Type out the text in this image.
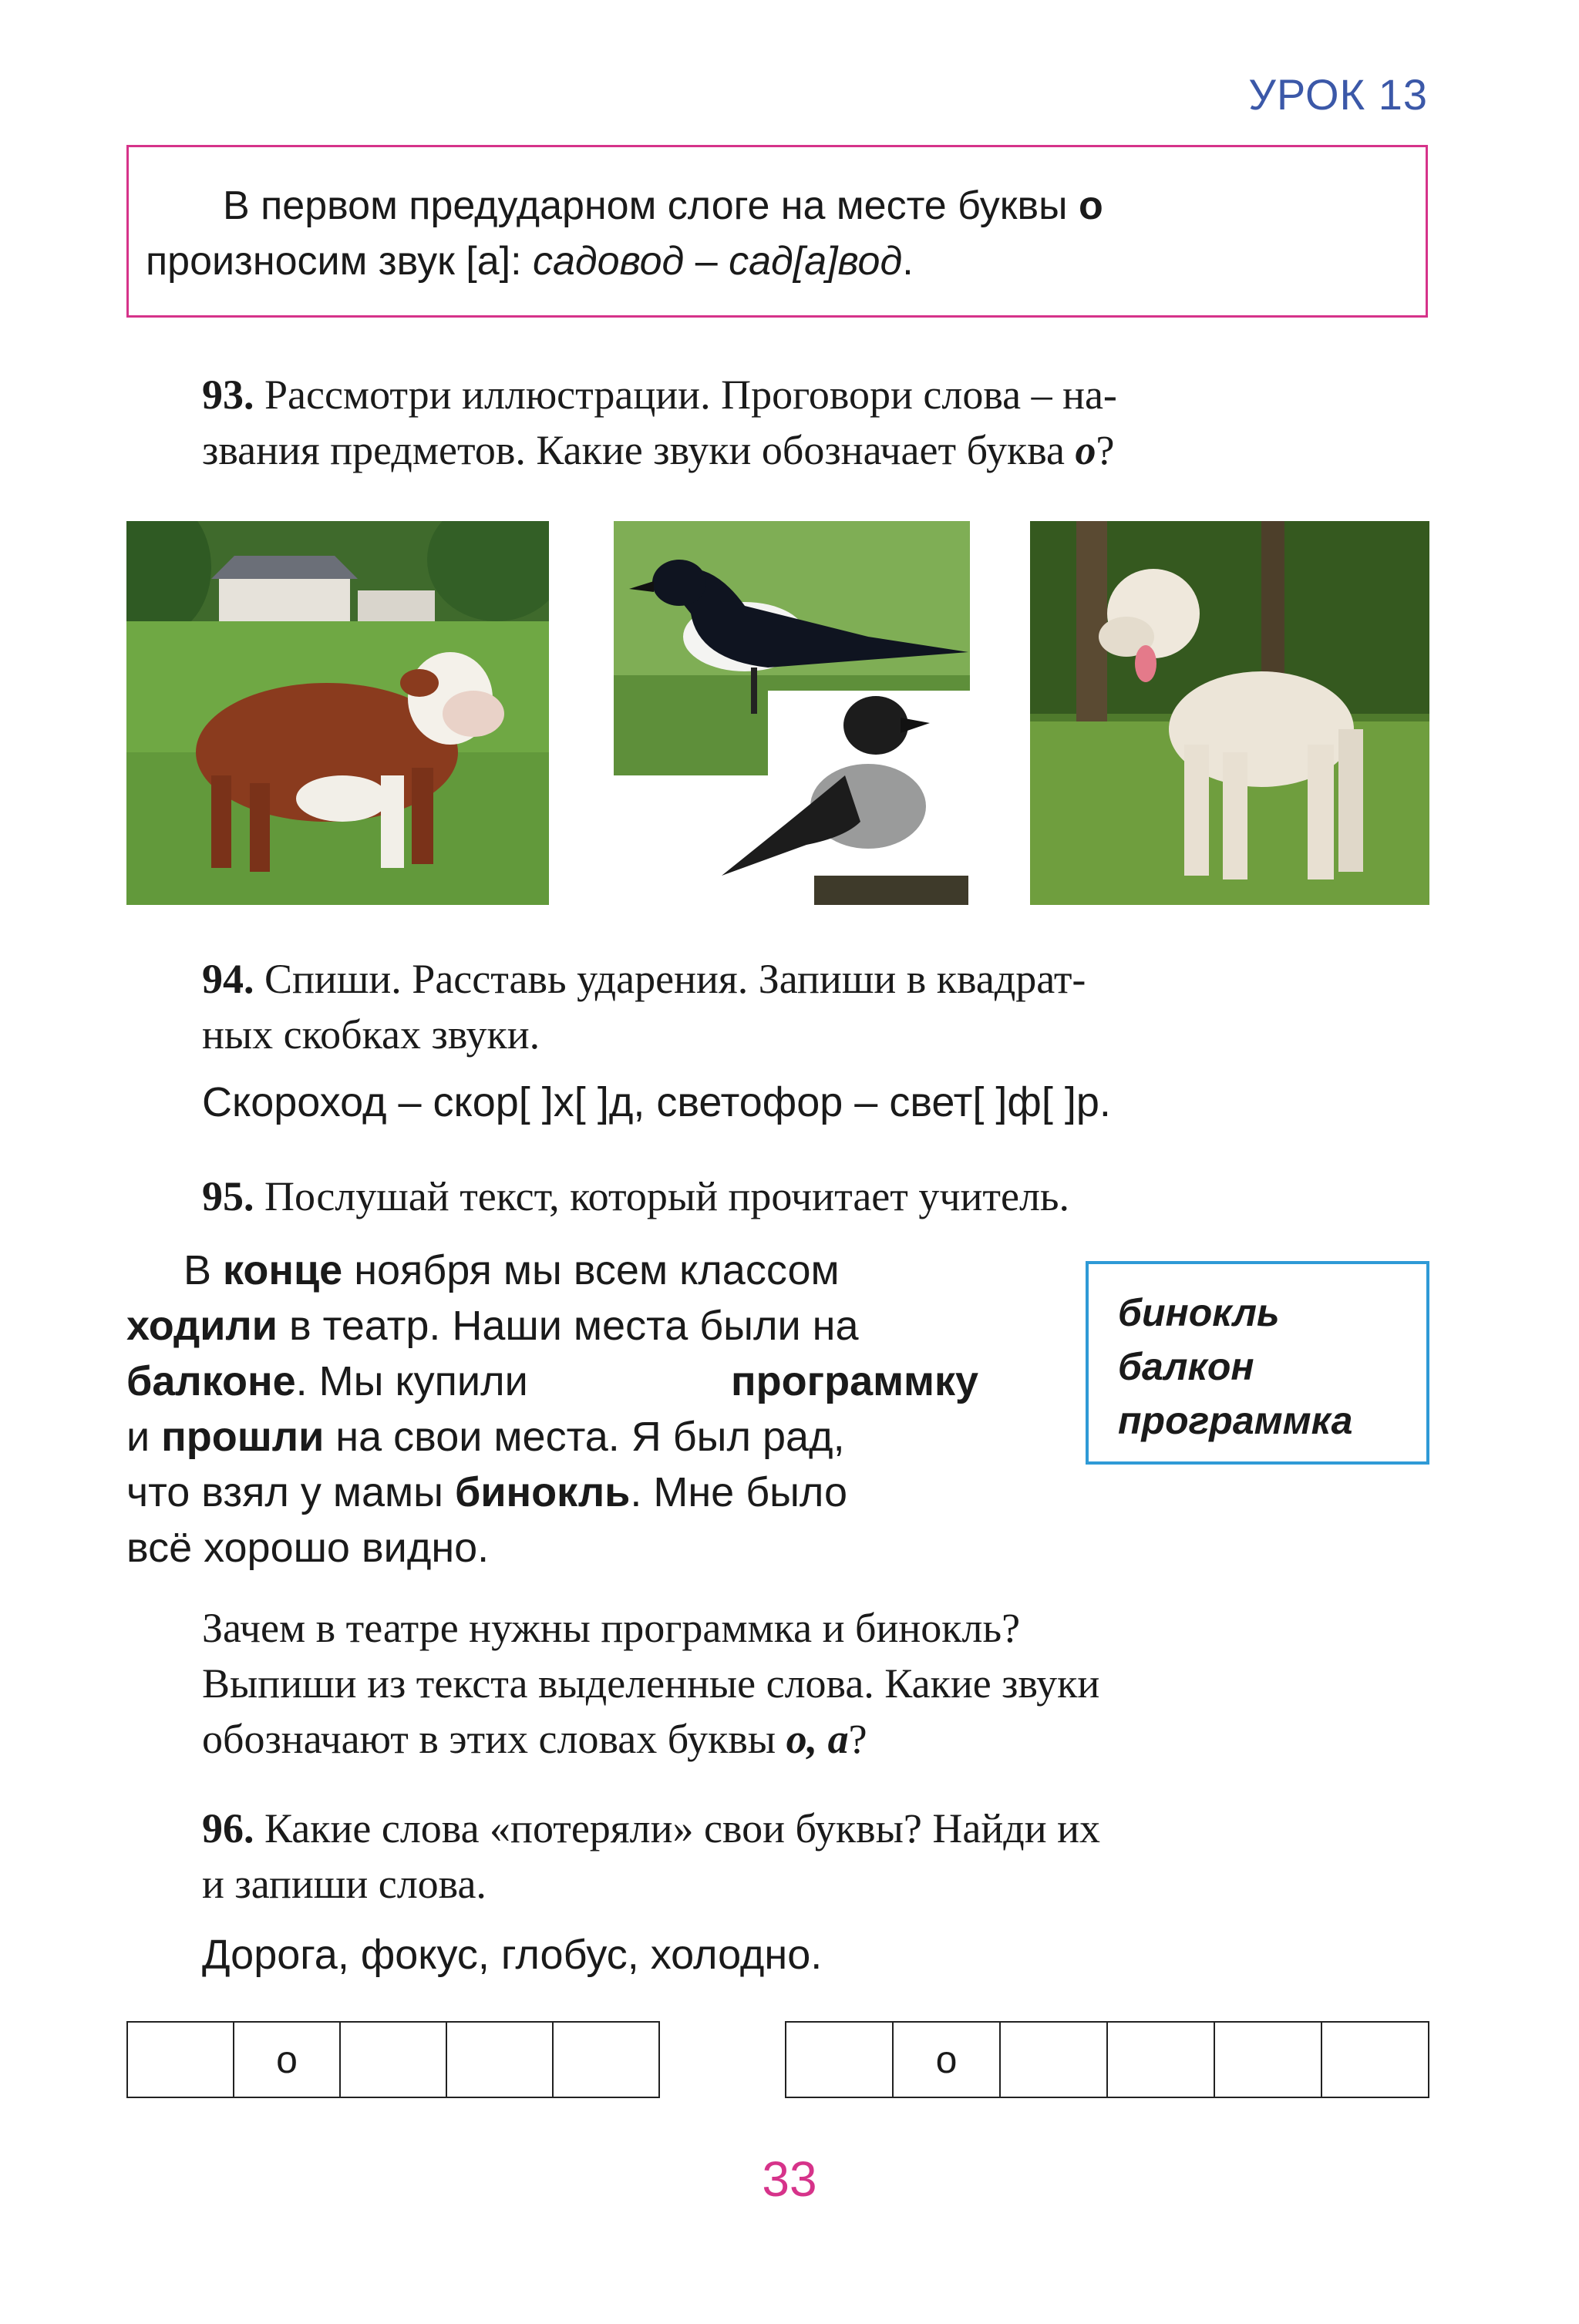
УРОК 13
В первом предударном слоге на месте буквы о
произносим звук [а]: садовод – сад[а]вод.
93. Рассмотри иллюстрации. Проговори слова – на-
звания предметов. Какие звуки обозначает буква о?
94. Спиши. Расставь ударения. Запиши в квадрат-
ных скобках звуки.
Скороход – скор[ ]х[ ]д, светофор – свет[ ]ф[ ]р.
95. Послушай текст, который прочитает учитель.
В конце ноября мы всем классом
ходили в театр. Наши места были на
балконе. Мы купили	программку
и прошли на свои места. Я был рад,
что взял у мамы бинокль. Мне было
всё хорошо видно.
бинокль
балкон
программка
Зачем в театре нужны программка и бинокль?
Выпиши из текста выделенные слова. Какие звуки
обозначают в этих словах буквы о, а?
96. Какие слова «потеряли» свои буквы? Найди их
и запиши слова.
Дорога, фокус, глобус, холодно.
о	о
33
